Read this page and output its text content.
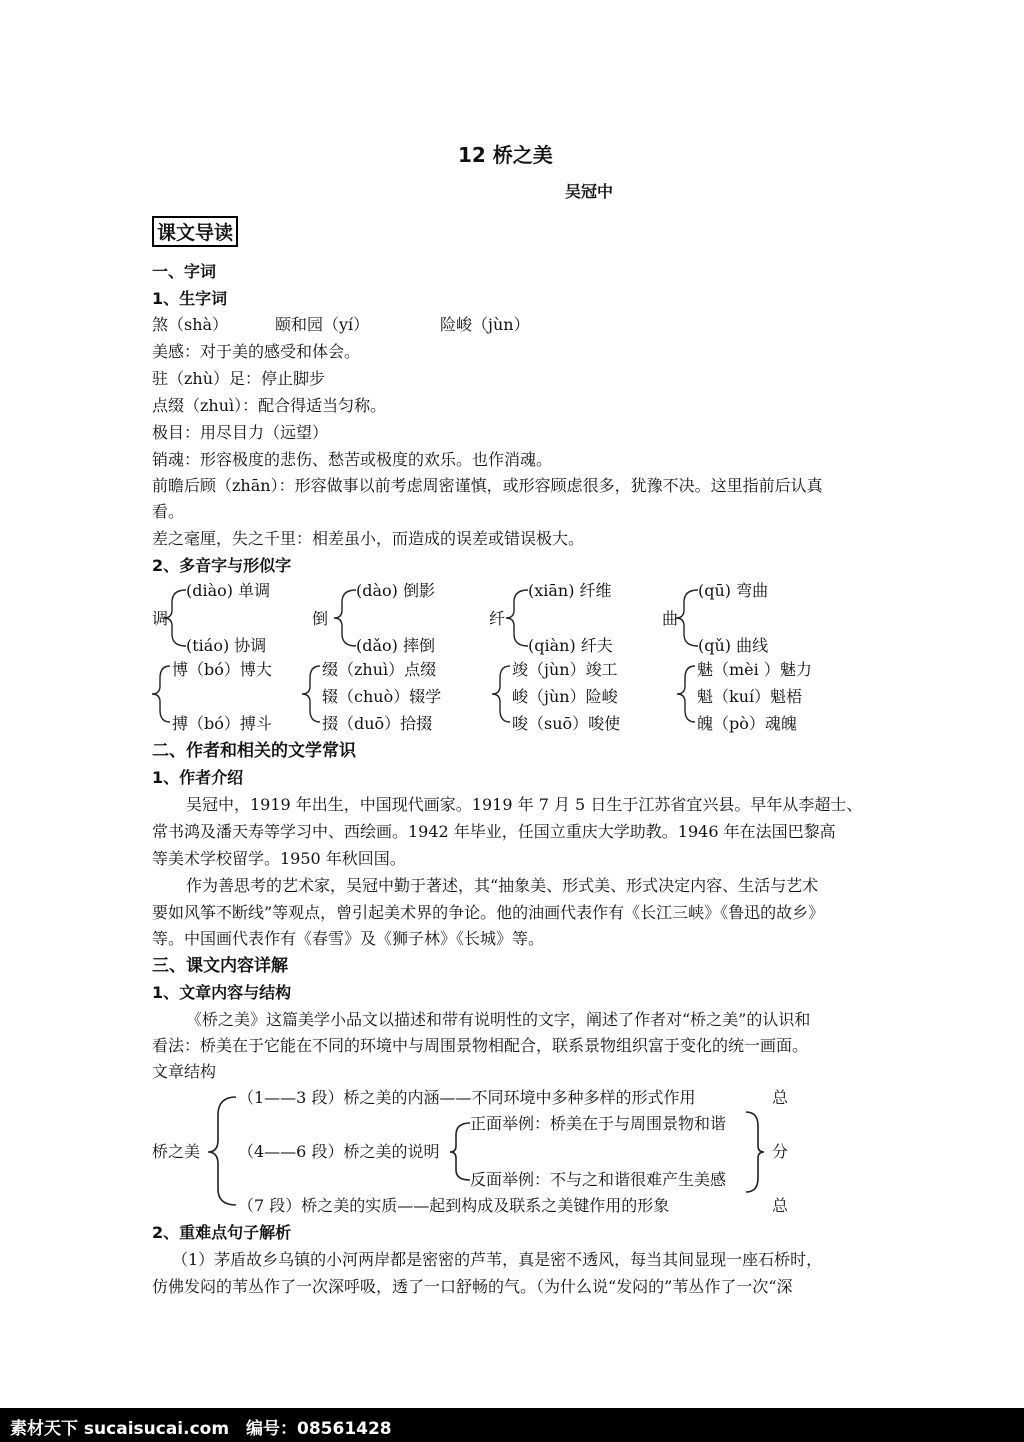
12 桥之美
吴冠中
课文导读
一、字词
1、生字词
煞（shà）	颐和园（yí）	险峻（jùn）
美感：对于美的感受和体会。
驻（zhù）足：停止脚步
点缀（zhuì）：配合得适当匀称。
极目：用尽目力（远望）
销魂：形容极度的悲伤、愁苦或极度的欢乐。也作消魂。
前瞻后顾（zhān）：形容做事以前考虑周密谨慎，或形容顾虑很多，犹豫不决。这里指前后认真
看。
差之毫厘，失之千里：相差虽小，而造成的误差或错误极大。
2、多音字与形似字
调
(diào) 单调
(tiáo) 协调
倒
(dào) 倒影
(dǎo) 摔倒
纤
(xiān) 纤维
(qiàn) 纤夫
曲
(qū) 弯曲
(qǔ) 曲线
博（bó）博大
搏（bó）搏斗
缀（zhuì）点缀
辍（chuò）辍学
掇（duō）拾掇
竣（jùn）竣工
峻（jùn）险峻
唆（suō）唆使
魅（mèi ）魅力
魁（kuí）魁梧
魄（pò）魂魄
二、作者和相关的文学常识
1、作者介绍
吴冠中，1919 年出生，中国现代画家。1919 年 7 月 5 日生于江苏省宜兴县。早年从李超士、
常书鸿及潘天寿等学习中、西绘画。1942 年毕业，任国立重庆大学助教。1946 年在法国巴黎高
等美术学校留学。1950 年秋回国。
作为善思考的艺术家，吴冠中勤于著述，其“抽象美、形式美、形式决定内容、生活与艺术
要如风筝不断线”等观点，曾引起美术界的争论。他的油画代表作有《长江三峡》《鲁迅的故乡》
等。中国画代表作有《春雪》及《狮子林》《长城》等。
三、课文内容详解
1、文章内容与结构
《桥之美》这篇美学小品文以描述和带有说明性的文字，阐述了作者对“桥之美”的认识和
看法：桥美在于它能在不同的环境中与周围景物相配合，联系景物组织富于变化的统一画面。
文章结构
桥之美
（1——3 段）桥之美的内涵——不同环境中多种多样的形式作用
（4——6 段）桥之美的说明
正面举例：桥美在于与周围景物和谐
反面举例：不与之和谐很难产生美感
（7 段）桥之美的实质——起到构成及联系之美键作用的形象
总
分
总
2、重难点句子解析
（1）茅盾故乡乌镇的小河两岸都是密密的芦苇，真是密不透风，每当其间显现一座石桥时，
仿佛发闷的苇丛作了一次深呼吸，透了一口舒畅的气。（为什么说“发闷的”苇丛作了一次“深
素材天下 sucaisucai.com 编号：08561428
